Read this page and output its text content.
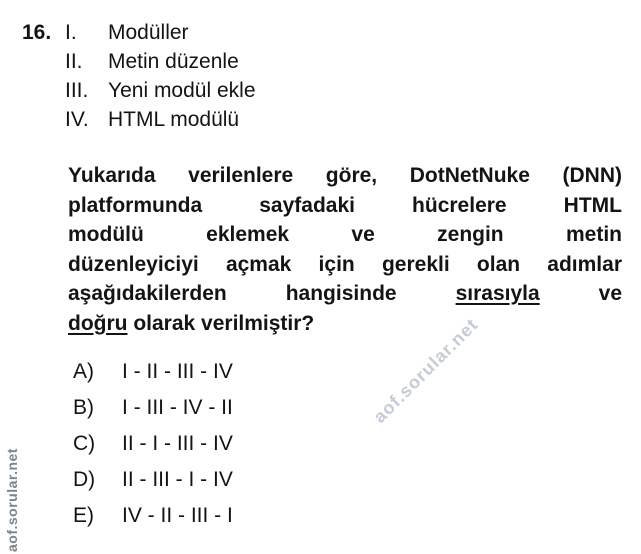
16. I.	Modüller
II.	Metin düzenle
III. Yeni modül ekle
IV. HTML modülü
Yukarıda verilenlere göre, DotNetNuke (DNN)
platformunda sayfadaki hücrelere HTML
modülü eklemek ve zengin metin
düzenleyiciyi açmak için gerekli olan adımlar
aşağıdakilerden hangisinde	sırasıyla	ve
doğru olarak verilmiştir?
A)	I - II - III - IV
B)	I - III - IV - II
C)	II - I - III - IV
D)	II - III - I - IV
E)	IV - II - III - I
aof.sorular.net
aof.sorular.net
